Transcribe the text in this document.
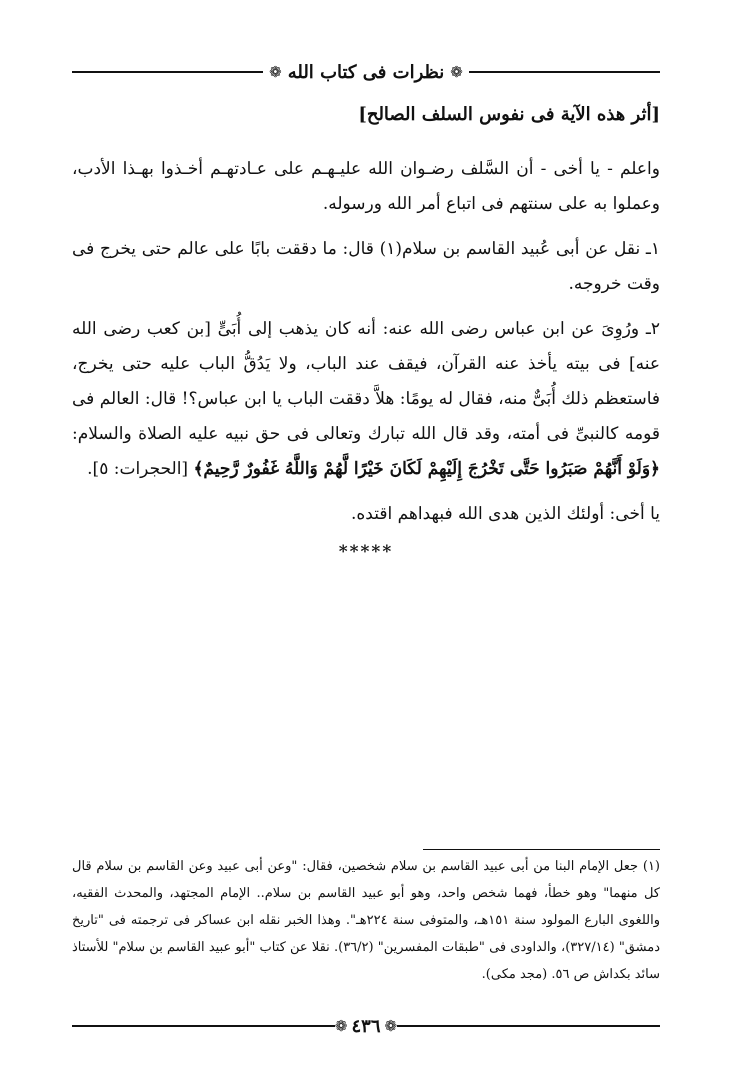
❁
نظرات فى كتاب الله
❁
[أثر هذه الآية فى نفوس السلف الصالح]

واعلم - يا أخى - أن السَّلف رضـوان الله عليـهـم على عـادتهـم أخـذوا بهـذا الأدب، وعملوا به على سنتهم فى اتباع أمر الله ورسوله.

١ـ نقل عن أبى عُبيد القاسم بن سلام(١) قال: ما دققت بابًا على عالم حتى يخرج فى وقت خروجه.

٢ـ ورُوِىَ عن ابن عباس رضى الله عنه: أنه كان يذهب إلى أُبَىٍّ [بن كعب رضى الله عنه] فى بيته يأخذ عنه القرآن، فيقف عند الباب، ولا يَدُقُّ الباب عليه حتى يخرج، فاستعظم ذلك أُبَىٌّ منه، فقال له يومًا: هلاَّ دققت الباب يا ابن عباس؟! قال: العالم فى قومه كالنبىِّ فى أمته، وقد قال الله تبارك وتعالى فى حق نبيه عليه الصلاة والسلام: ﴿وَلَوْ أَنَّهُمْ صَبَرُوا حَتَّى تَخْرُجَ إِلَيْهِمْ لَكَانَ خَيْرًا لَّهُمْ وَاللَّهُ غَفُورٌ رَّحِيمٌ﴾ [الحجرات: ٥].

يا أخى: أولئك الذين هدى الله فبهداهم اقتده.

*****
(١) جعل الإمام البنا من أبى عبيد القاسم بن سلام شخصين، فقال: "وعن أبى عبيد وعن القاسم بن سلام قال كل منهما" وهو خطأ، فهما شخص واحد، وهو أبو عبيد القاسم بن سلام.. الإمام المجتهد، والمحدث الفقيه، واللغوى البارع المولود سنة ١٥١هـ، والمتوفى سنة ٢٢٤هـ". وهذا الخبر نقله ابن عساكر فى ترجمته فى "تاريخ دمشق" (٣٢٧/١٤)، والداودى فى "طبقات المفسرين" (٣٦/٢). نقلا عن كتاب "أبو عبيد القاسم بن سلام" للأستاذ سائد بكداش ص ٥٦. (مجد مكى).
❁ ٤٣٦ ❁
